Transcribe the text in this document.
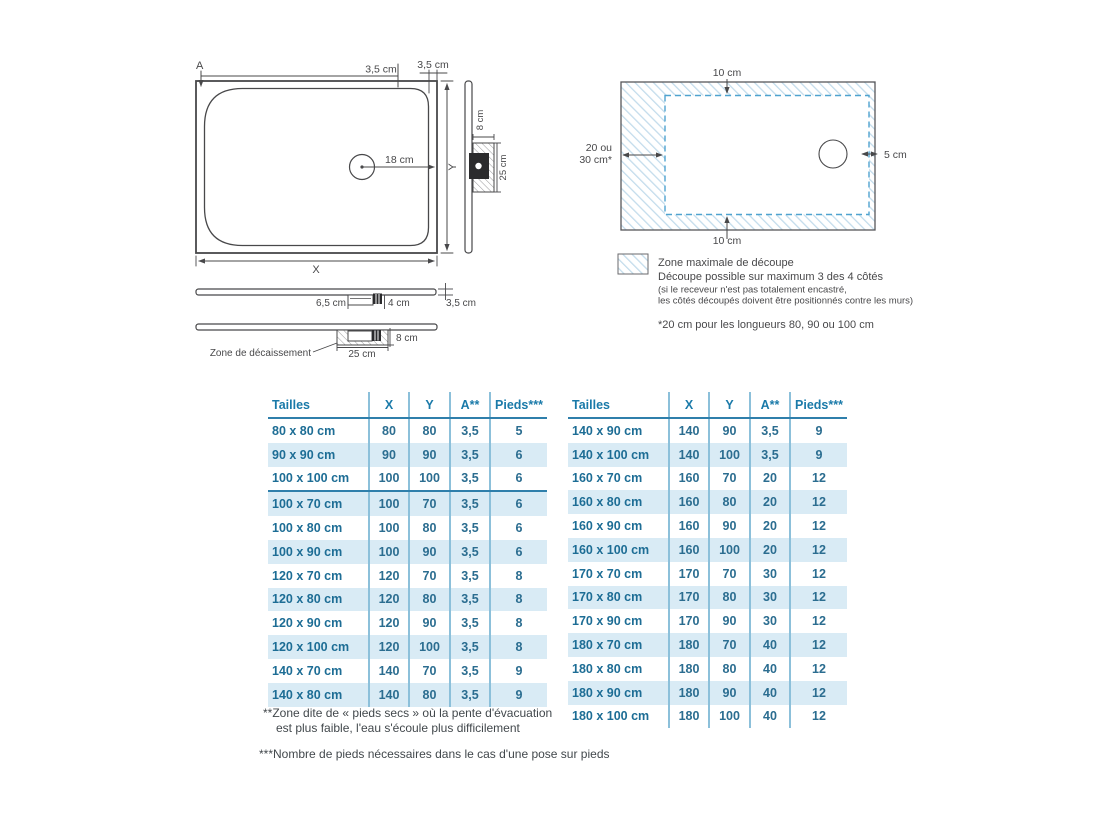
18 cm
A	3,5 cm 3,5 cm
Y
X
8 cm
25 cm
6,5 cm	4 cm	3,5 cm
8 cm
25 cm
Zone de décaissement
10 cm
10 cm
20 ou
30 cm*	5 cm
Zone maximale de découpe
Découpe possible sur maximum 3 des 4 côtés
(si le receveur n'est pas totalement encastré,
les côtés découpés doivent être positionnés contre les murs)
*20 cm pour les longueurs 80, 90 ou 100 cm
Tailles	X	Y	A**	Pieds***
80 x 80 cm	80	80	3,5	5
90 x 90 cm	90	90	3,5	6
100 x 100 cm	100	100	3,5	6
100 x 70 cm	100	70	3,5	6
100 x 80 cm	100	80	3,5	6
100 x 90 cm	100	90	3,5	6
120 x 70 cm	120	70	3,5	8
120 x 80 cm	120	80	3,5	8
120 x 90 cm	120	90	3,5	8
120 x 100 cm	120	100	3,5	8
140 x 70 cm	140	70	3,5	9
140 x 80 cm	140	80	3,5	9
Tailles	X	Y	A**	Pieds***
140 x 90 cm	140	90	3,5	9
140 x 100 cm	140	100	3,5	9
160 x 70 cm	160	70	20	12
160 x 80 cm	160	80	20	12
160 x 90 cm	160	90	20	12
160 x 100 cm	160	100	20	12
170 x 70 cm	170	70	30	12
170 x 80 cm	170	80	30	12
170 x 90 cm	170	90	30	12
180 x 70 cm	180	70	40	12
180 x 80 cm	180	80	40	12
180 x 90 cm	180	90	40	12
180 x 100 cm	180	100	40	12
**Zone dite de « pieds secs » où la pente d'évacuation
est plus faible, l'eau s'écoule plus difficilement
***Nombre de pieds nécessaires dans le cas d'une pose sur pieds
